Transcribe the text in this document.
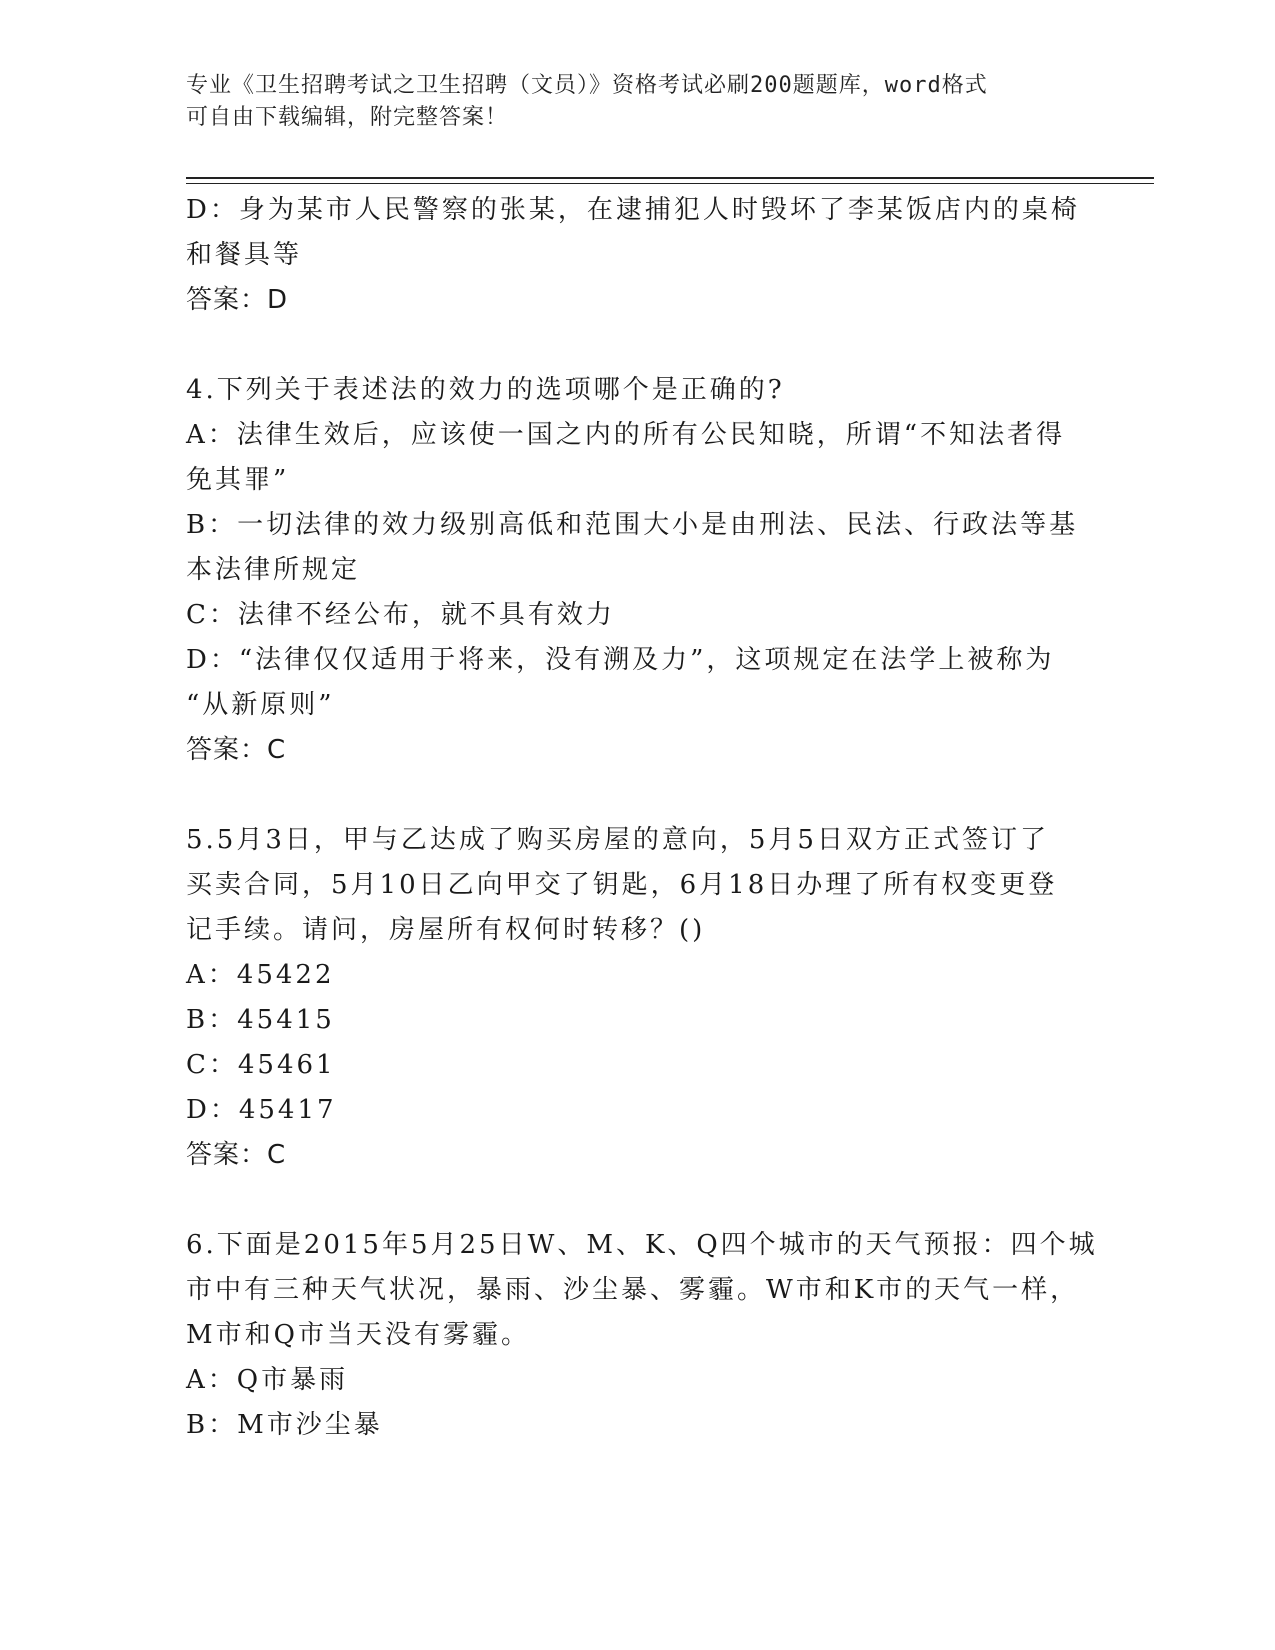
专业《卫生招聘考试之卫生招聘（文员）》资格考试必刷200题题库，word格式
可自由下载编辑，附完整答案！
D：身为某市人民警察的张某，在逮捕犯人时毁坏了李某饭店内的桌椅
和餐具等
答案：D
4.下列关于表述法的效力的选项哪个是正确的?
A：法律生效后，应该使一国之内的所有公民知晓，所谓“不知法者得
免其罪”
B：一切法律的效力级别高低和范围大小是由刑法、民法、行政法等基
本法律所规定
C：法律不经公布，就不具有效力
D：“法律仅仅适用于将来，没有溯及力”，这项规定在法学上被称为
“从新原则”
答案：C
5.5月3日，甲与乙达成了购买房屋的意向，5月5日双方正式签订了
买卖合同，5月10日乙向甲交了钥匙，6月18日办理了所有权变更登
记手续。请问，房屋所有权何时转移？()
A：45422
B：45415
C：45461
D：45417
答案：C
6.下面是2015年5月25日W、M、K、Q四个城市的天气预报：四个城
市中有三种天气状况，暴雨、沙尘暴、雾霾。W市和K市的天气一样，
M市和Q市当天没有雾霾。
A：Q市暴雨
B：M市沙尘暴
